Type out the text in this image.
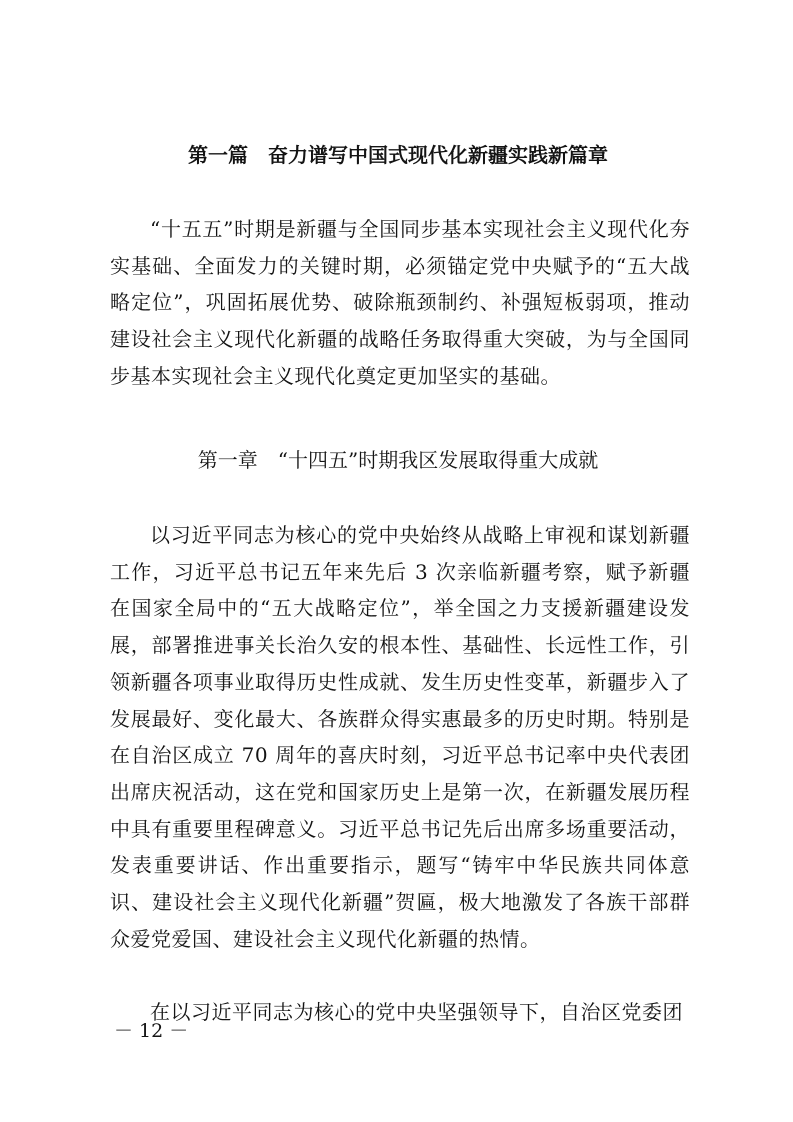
第一篇　奋力谱写中国式现代化新疆实践新篇章

“十五五”时期是新疆与全国同步基本实现社会主义现代化夯实基础、全面发力的关键时期，必须锚定党中央赋予的“五大战略定位”，巩固拓展优势、破除瓶颈制约、补强短板弱项，推动建设社会主义现代化新疆的战略任务取得重大突破，为与全国同步基本实现社会主义现代化奠定更加坚实的基础。

第一章　“十四五”时期我区发展取得重大成就

以习近平同志为核心的党中央始终从战略上审视和谋划新疆工作，习近平总书记五年来先后 3 次亲临新疆考察，赋予新疆在国家全局中的“五大战略定位”，举全国之力支援新疆建设发展，部署推进事关长治久安的根本性、基础性、长远性工作，引领新疆各项事业取得历史性成就、发生历史性变革，新疆步入了发展最好、变化最大、各族群众得实惠最多的历史时期。特别是在自治区成立 70 周年的喜庆时刻，习近平总书记率中央代表团出席庆祝活动，这在党和国家历史上是第一次，在新疆发展历程中具有重要里程碑意义。习近平总书记先后出席多场重要活动，发表重要讲话、作出重要指示，题写“铸牢中华民族共同体意识、建设社会主义现代化新疆”贺匾，极大地激发了各族干部群众爱党爱国、建设社会主义现代化新疆的热情。

在以习近平同志为核心的党中央坚强领导下，自治区党委团

－ 12 －
